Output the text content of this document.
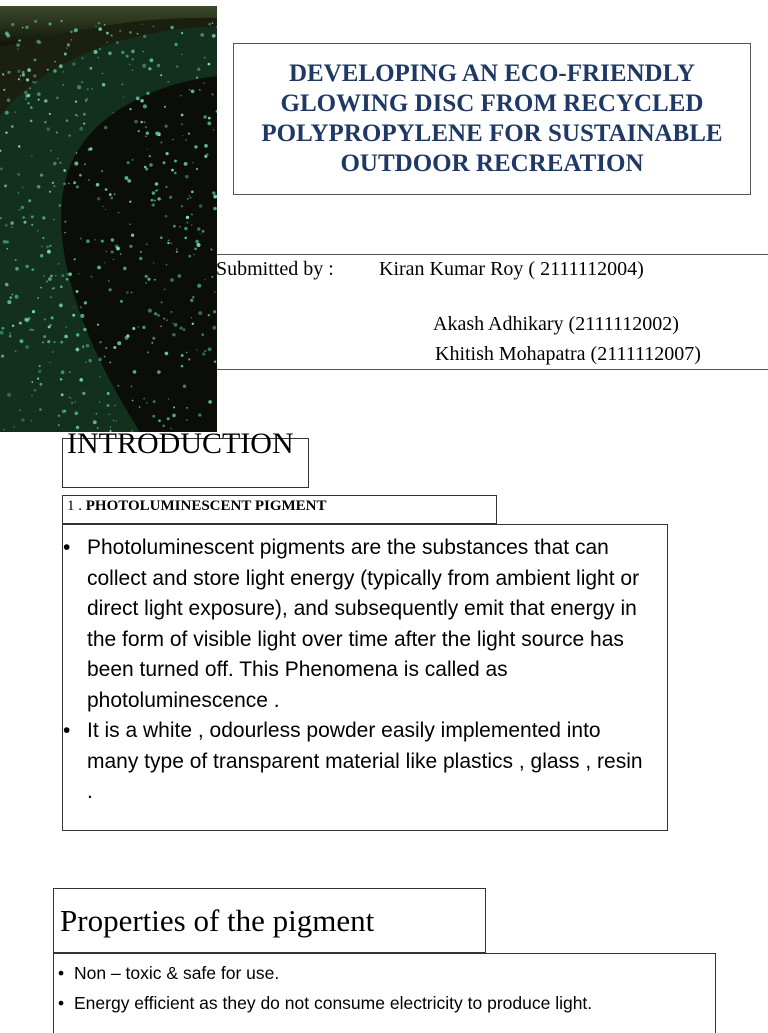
DEVELOPING AN ECO-FRIENDLY GLOWING DISC FROM RECYCLED POLYPROPYLENE FOR SUSTAINABLE OUTDOOR RECREATION
Submitted by : Kiran Kumar Roy ( 2111112004)
Akash Adhikary (2111112002)
Khitish Mohapatra (2111112007)
INTRODUCTION
1 . PHOTOLUMINESCENT PIGMENT
• Photoluminescent pigments are the substances that can collect and store light energy (typically from ambient light or direct light exposure), and subsequently emit that energy in the form of visible light over time after the light source has been turned off. This Phenomena is called as photoluminescence .
• It is a white , odourless powder easily implemented into many type of transparent material like plastics , glass , resin .
Properties of the pigment
• Non – toxic & safe for use.
• Energy efficient as they do not consume electricity to produce light.
